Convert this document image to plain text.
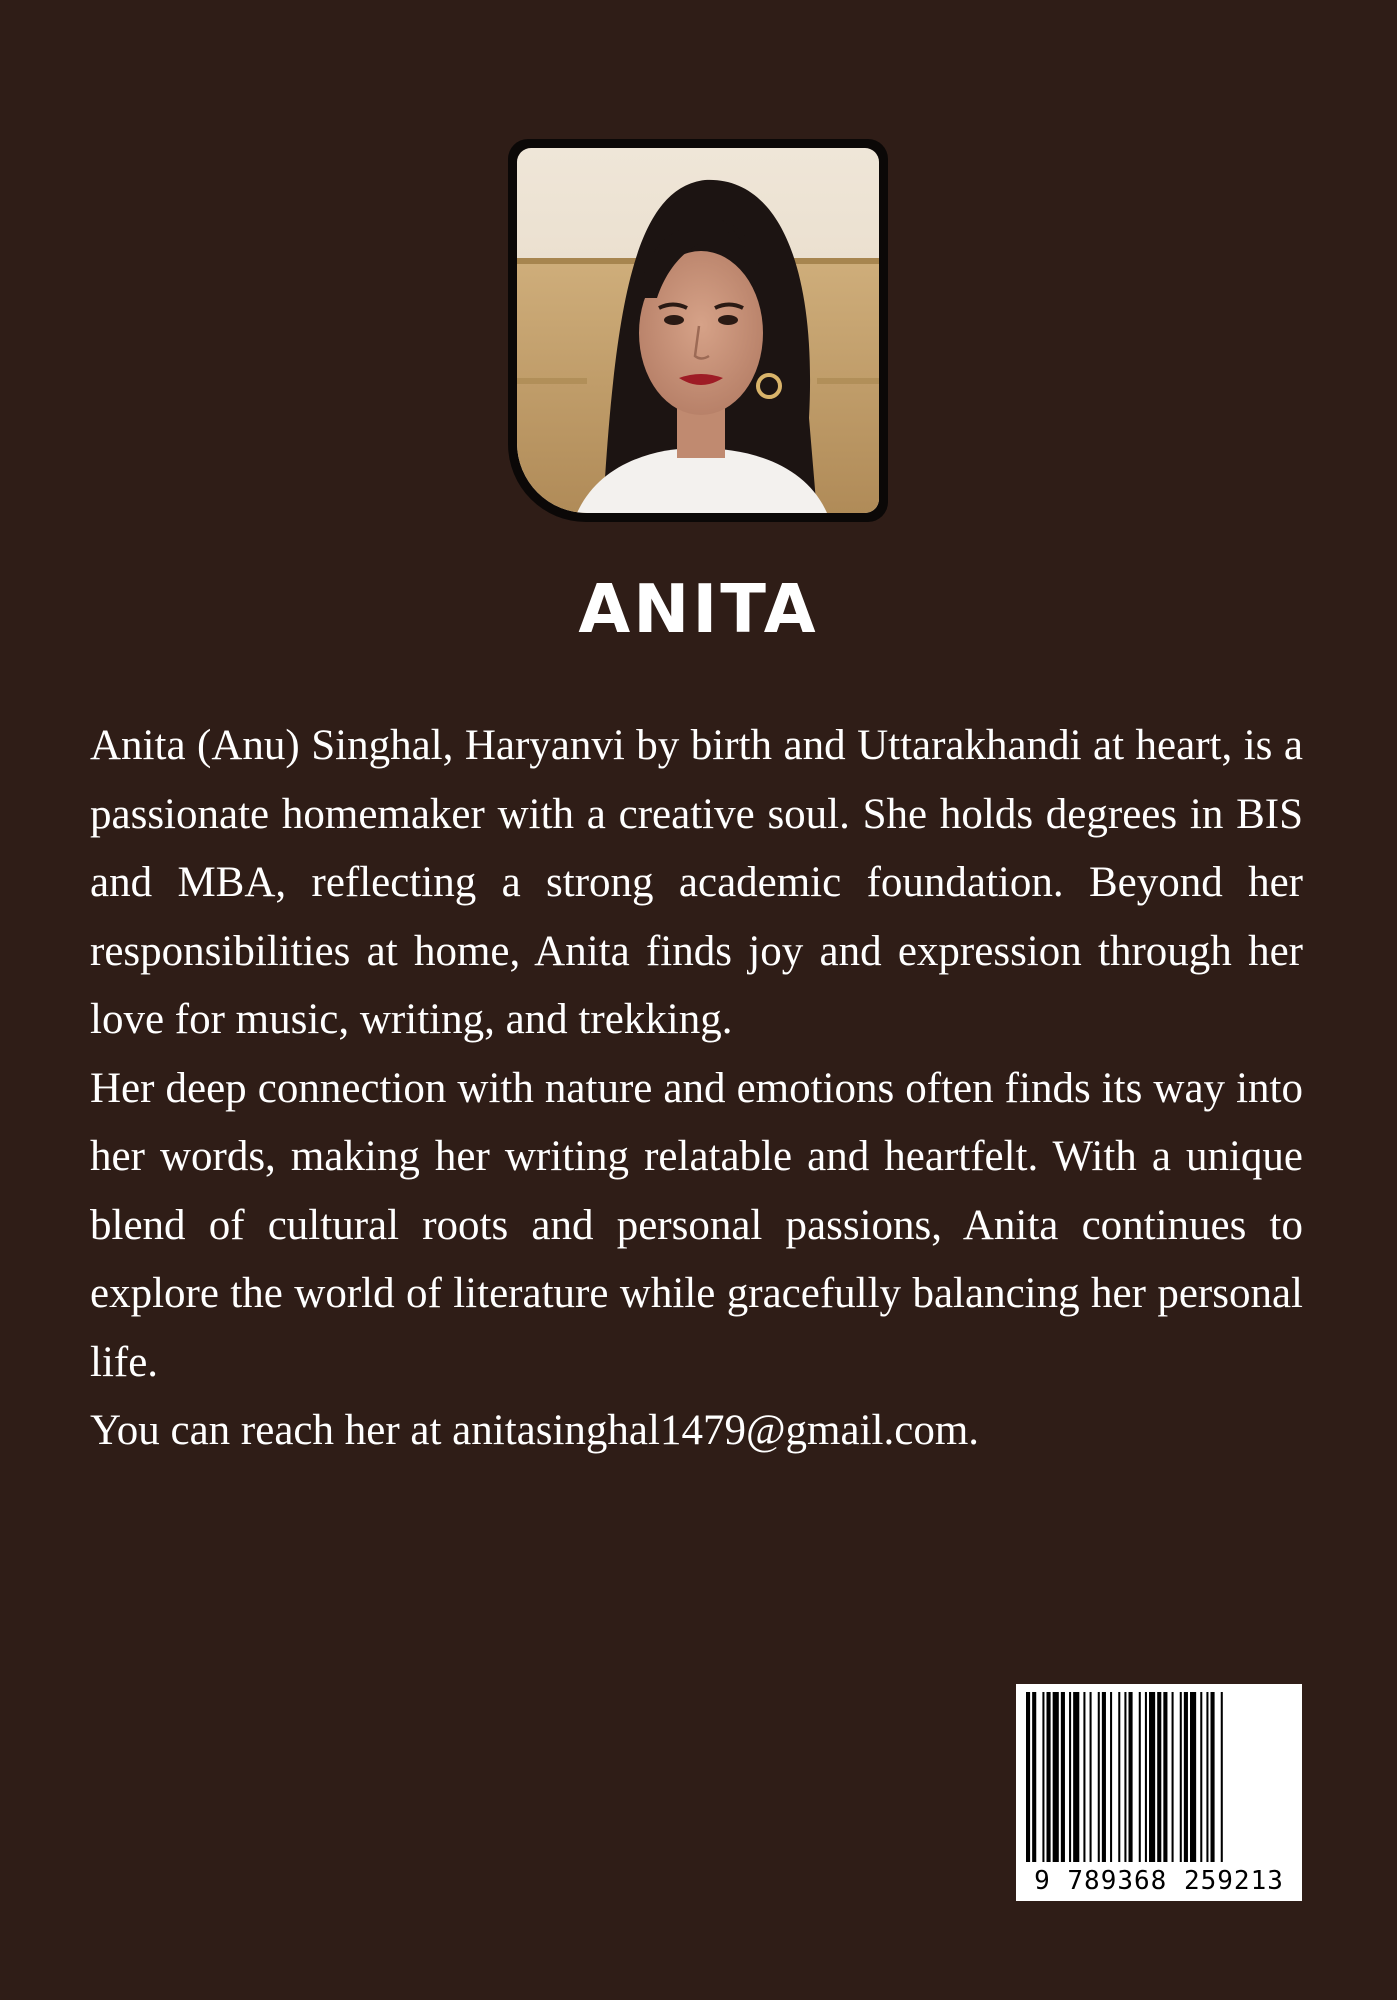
ANITA

Anita (Anu) Singhal, Haryanvi by birth and Uttarakhandi at heart, is a passionate homemaker with a creative soul. She holds degrees in BIS and MBA, reflecting a strong academic foundation. Beyond her responsibilities at home, Anita finds joy and expression through her love for music, writing, and trekking.

Her deep connection with nature and emotions often finds its way into her words, making her writing relatable and heartfelt. With a unique blend of cultural roots and personal passions, Anita continues to explore the world of literature while gracefully balancing her personal life.

You can reach her at anitasinghal1479@gmail.com.

9 789368 259213
